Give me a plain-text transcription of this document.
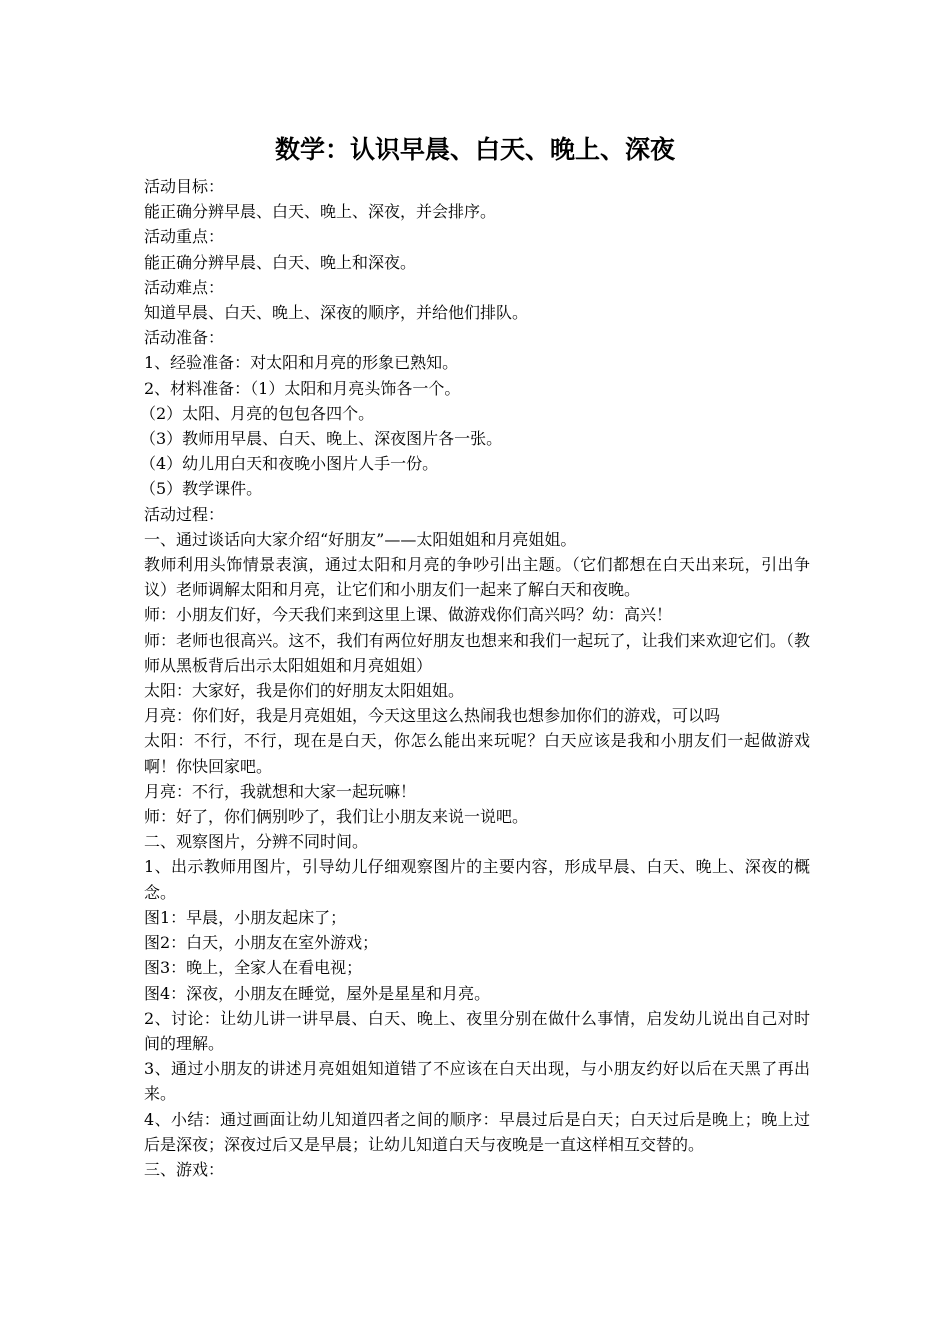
数学：认识早晨、白天、晚上、深夜

活动目标：

能正确分辨早晨、白天、晚上、深夜，并会排序。

活动重点：

能正确分辨早晨、白天、晚上和深夜。

活动难点：

知道早晨、白天、晚上、深夜的顺序，并给他们排队。

活动准备：

1、经验准备：对太阳和月亮的形象已熟知。

2、材料准备：（1）太阳和月亮头饰各一个。

（2）太阳、月亮的包包各四个。

（3）教师用早晨、白天、晚上、深夜图片各一张。

（4）幼儿用白天和夜晚小图片人手一份。

（5）教学课件。

活动过程：

一、通过谈话向大家介绍“好朋友”——太阳姐姐和月亮姐姐。

教师利用头饰情景表演，通过太阳和月亮的争吵引出主题。（它们都想在白天出来玩，引出争议）老师调解太阳和月亮，让它们和小朋友们一起来了解白天和夜晚。

师：小朋友们好，今天我们来到这里上课、做游戏你们高兴吗？幼：高兴！

师：老师也很高兴。这不，我们有两位好朋友也想来和我们一起玩了，让我们来欢迎它们。（教师从黑板背后出示太阳姐姐和月亮姐姐）

太阳：大家好，我是你们的好朋友太阳姐姐。

月亮：你们好，我是月亮姐姐，今天这里这么热闹我也想参加你们的游戏，可以吗

太阳：不行，不行，现在是白天，你怎么能出来玩呢？白天应该是我和小朋友们一起做游戏啊！你快回家吧。

月亮：不行，我就想和大家一起玩嘛！

师：好了，你们俩别吵了，我们让小朋友来说一说吧。

二、观察图片，分辨不同时间。

1、出示教师用图片，引导幼儿仔细观察图片的主要内容，形成早晨、白天、晚上、深夜的概念。

图1：早晨，小朋友起床了；

图2：白天，小朋友在室外游戏；

图3：晚上，全家人在看电视；

图4：深夜，小朋友在睡觉，屋外是星星和月亮。

2、讨论：让幼儿讲一讲早晨、白天、晚上、夜里分别在做什么事情，启发幼儿说出自己对时间的理解。

3、通过小朋友的讲述月亮姐姐知道错了不应该在白天出现，与小朋友约好以后在天黑了再出来。

4、小结：通过画面让幼儿知道四者之间的顺序：早晨过后是白天；白天过后是晚上；晚上过后是深夜；深夜过后又是早晨；让幼儿知道白天与夜晚是一直这样相互交替的。

三、游戏：
